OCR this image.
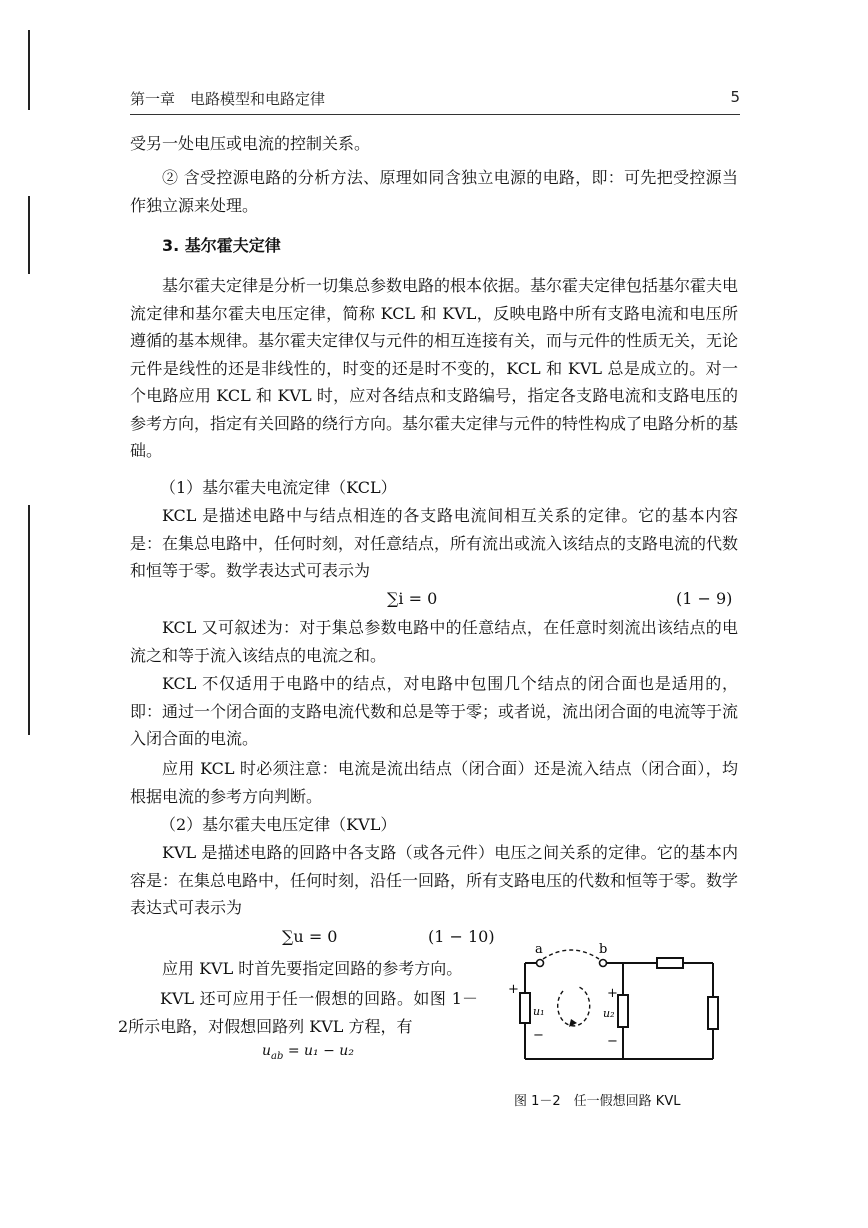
第一章　电路模型和电路定律	5

受另一处电压或电流的控制关系。

② 含受控源电路的分析方法、原理如同含独立电源的电路，即：可先把受控源当作独立源来处理。

3. 基尔霍夫定律

基尔霍夫定律是分析一切集总参数电路的根本依据。基尔霍夫定律包括基尔霍夫电流定律和基尔霍夫电压定律，简称 KCL 和 KVL，反映电路中所有支路电流和电压所遵循的基本规律。基尔霍夫定律仅与元件的相互连接有关，而与元件的性质无关，无论元件是线性的还是非线性的，时变的还是时不变的，KCL 和 KVL 总是成立的。对一个电路应用 KCL 和 KVL 时，应对各结点和支路编号，指定各支路电流和支路电压的参考方向，指定有关回路的绕行方向。基尔霍夫定律与元件的特性构成了电路分析的基础。

（1）基尔霍夫电流定律（KCL）

KCL 是描述电路中与结点相连的各支路电流间相互关系的定律。它的基本内容是：在集总电路中，任何时刻，对任意结点，所有流出或流入该结点的支路电流的代数和恒等于零。数学表达式可表示为

∑i = 0	(1 − 9)

KCL 又可叙述为：对于集总参数电路中的任意结点，在任意时刻流出该结点的电流之和等于流入该结点的电流之和。

KCL 不仅适用于电路中的结点，对电路中包围几个结点的闭合面也是适用的，即：通过一个闭合面的支路电流代数和总是等于零；或者说，流出闭合面的电流等于流入闭合面的电流。

应用 KCL 时必须注意：电流是流出结点（闭合面）还是流入结点（闭合面），均根据电流的参考方向判断。

（2）基尔霍夫电压定律（KVL）

KVL 是描述电路的回路中各支路（或各元件）电压之间关系的定律。它的基本内容是：在集总电路中，任何时刻，沿任一回路，所有支路电压的代数和恒等于零。数学表达式可表示为

∑u = 0	(1 − 10)

应用 KVL 时首先要指定回路的参考方向。

KVL 还可应用于任一假想的回路。如图 1－2所示电路，对假想回路列 KVL 方程，有

$u_{ab} = u_1 - u_2$
a	b
+
u₁
−
+
u₂
−
图 1－2　任一假想回路 KVL
